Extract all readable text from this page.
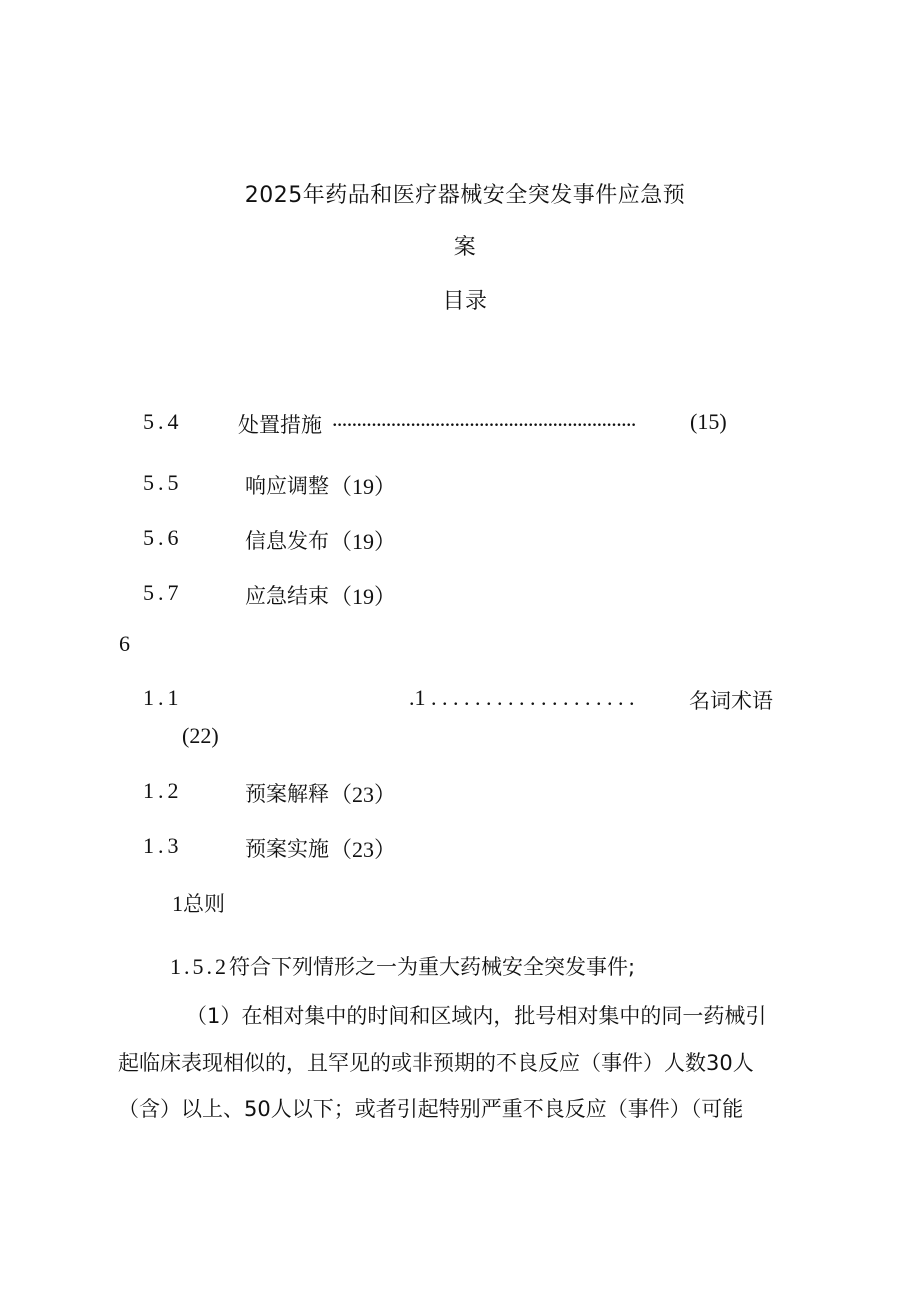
2025年药品和医疗器械安全突发事件应急预
案
目录
5.4	处置措施 .............................................................. (15)
5.5	响应调整 （19）
5.6	信息发布 （19）
5.7	应急结束 （19）
6
1.1	.1 . . . . . . . . . . . . . . . . . . .	名词术语
(22)
1.2	预案解释 （23）
1.3	预案实施 （23）
1总则
1.5.2符合下列情形之一为重大药械安全突发事件;
（1）在相对集中的时间和区域内，批号相对集中的同一药械引
起临床表现相似的，且罕见的或非预期的不良反应（事件）人数30人
（含）以上、50人以下；或者引起特别严重不良反应（事件）（可能
